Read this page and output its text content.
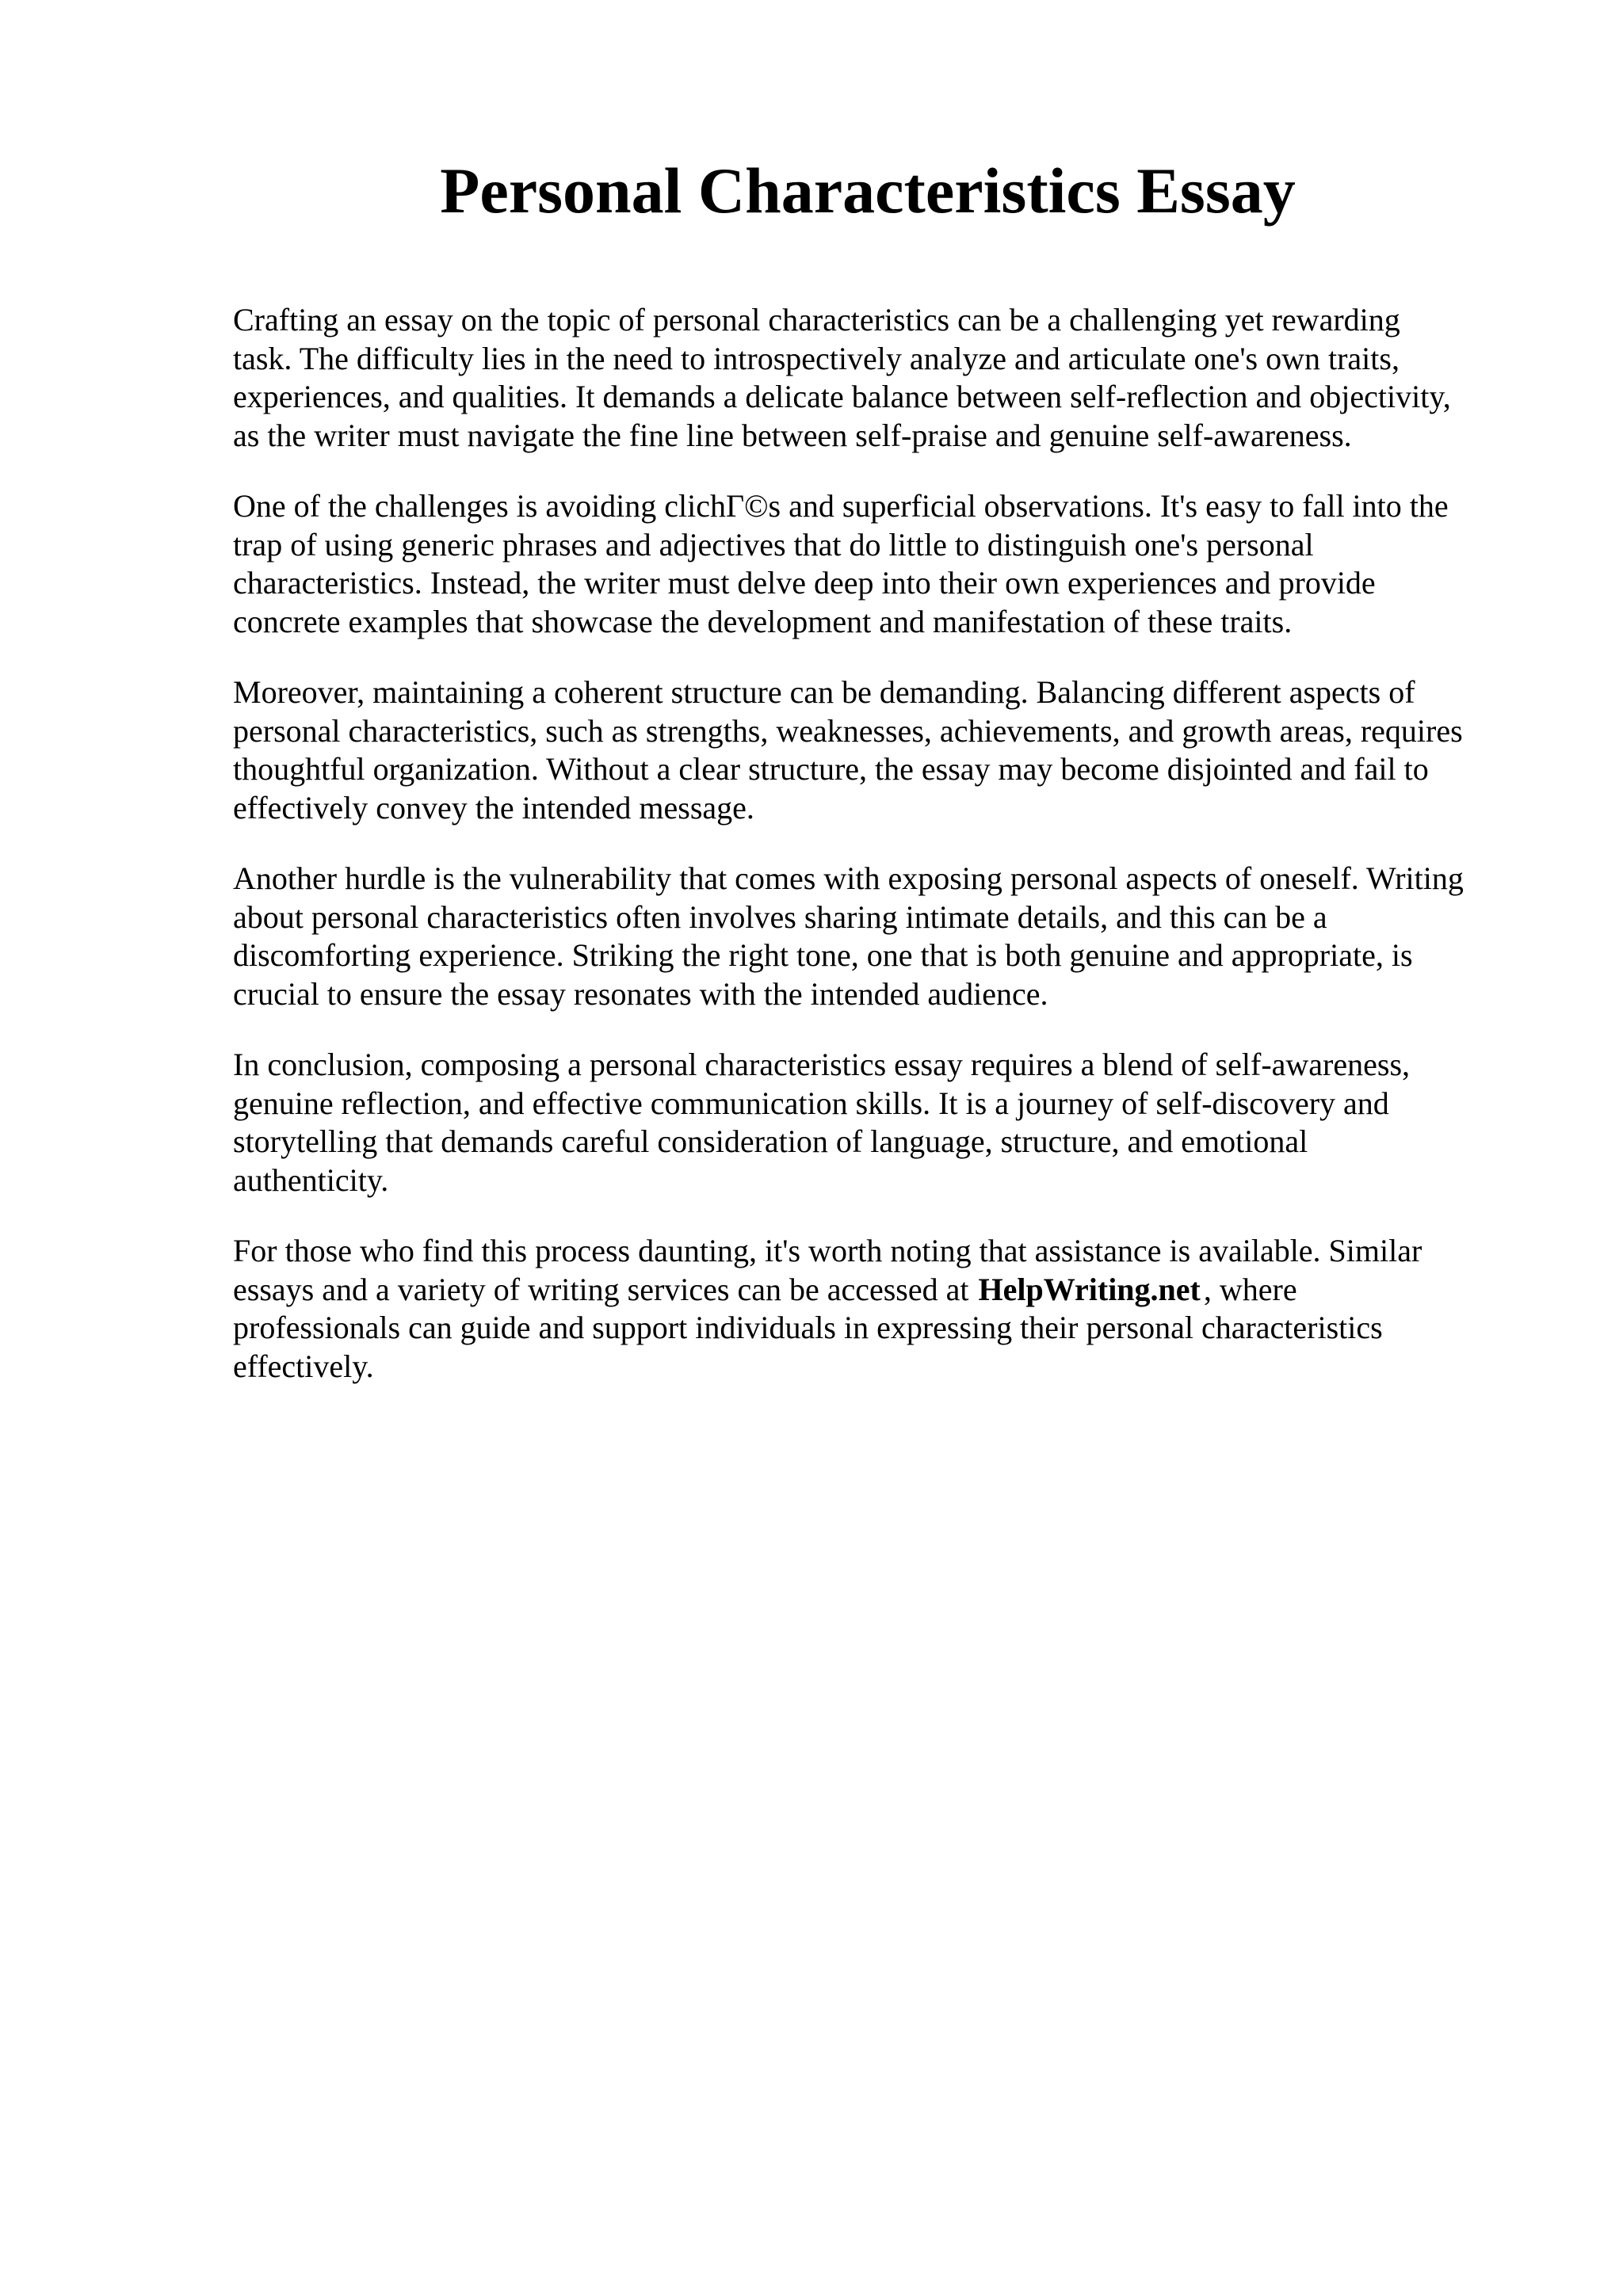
Personal Characteristics Essay

Crafting an essay on the topic of personal characteristics can be a challenging yet rewarding
task. The difficulty lies in the need to introspectively analyze and articulate one's own traits,
experiences, and qualities. It demands a delicate balance between self-reflection and objectivity,
as the writer must navigate the fine line between self-praise and genuine self-awareness.

One of the challenges is avoiding clichΓ©s and superficial observations. It's easy to fall into the
trap of using generic phrases and adjectives that do little to distinguish one's personal
characteristics. Instead, the writer must delve deep into their own experiences and provide
concrete examples that showcase the development and manifestation of these traits.

Moreover, maintaining a coherent structure can be demanding. Balancing different aspects of
personal characteristics, such as strengths, weaknesses, achievements, and growth areas, requires
thoughtful organization. Without a clear structure, the essay may become disjointed and fail to
effectively convey the intended message.

Another hurdle is the vulnerability that comes with exposing personal aspects of oneself. Writing
about personal characteristics often involves sharing intimate details, and this can be a
discomforting experience. Striking the right tone, one that is both genuine and appropriate, is
crucial to ensure the essay resonates with the intended audience.

In conclusion, composing a personal characteristics essay requires a blend of self-awareness,
genuine reflection, and effective communication skills. It is a journey of self-discovery and
storytelling that demands careful consideration of language, structure, and emotional
authenticity.

For those who find this process daunting, it's worth noting that assistance is available. Similar
essays and a variety of writing services can be accessed at HelpWriting.net , where
professionals can guide and support individuals in expressing their personal characteristics
effectively.
